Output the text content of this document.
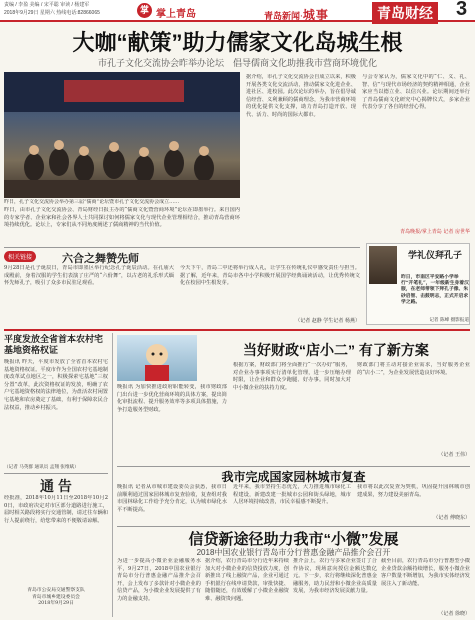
责编 / 李盈 美编 / 宋平聪 审读 / 杨建军
2018年9月29日 星期六 热线电话:82866065	掌 掌上青岛	青岛新闻·城事	青岛财经 3
大咖“献策”助力儒家文化岛城生根
市孔子文化交流协会昨举办论坛　倡导儒商文化助推我市营商环境优化
昨日，孔子文化交流协会举办第三届“儒商”论坛暨市孔子文化交流协会成立……
昨日，由市孔子文化交流协会、青岛财经日报主办的“儒商文化暨营商环境”论坛在即墨举行。来自国内的专家学者、企业家和社会各界人士共同探讨如何将儒家文化与现代企业管理相结合，推动青岛营商环境持续优化。论坛上，专家们从不同角度阐述了儒商精神的当代价值。
据介绍，市孔子文化交流协会自成立以来，积极开展各类文化交流活动，推动儒家文化进企业、进社区、进校园。此次论坛的举办，旨在倡导诚信经营、义利兼顾的儒商理念，为我市营商环境的优化提供文化支撑，助力青岛打造开放、现代、活力、时尚的国际大都市。
与会专家认为，儒家文化中的“仁、义、礼、智、信”与现代市场经济的契约精神相通，企业家应当以德立业、以信兴业。论坛期间还举行了青岛儒商文化研究中心揭牌仪式，多家企业代表分享了各自的经营心得。
青岛晚报/掌上青岛 记者 房世华
相关链接	六合之舞赞先师
9月28日是孔子诞辰日，青岛市即墨区举行纪念孔子诞辰活动。在孔庙大成殿前，身着汉服的学生们表演了庄严的“六佾舞”，以古老的礼乐形式缅怀先师孔子，吸引了众多市民驻足观看。
今天下午，青岛二中还将举行成人礼，让学生在传统礼仪中感受责任与担当。据了解，近年来，青岛市各中小学积极开展国学经典诵读活动，让优秀传统文化在校园中生根发芽。
（记者 赵静 学生记者 杨燕）
学礼仪拜孔子
昨日，市南区平安路小学举行“开笔礼”，一年级新生身着汉服，在老师带领下拜孔子像、朱砂启智、击鼓明志，正式开启求学之路。
记者 陈峰 摄影报道
平度发放全省首本农村宅基地资格权证
晚报讯 昨天，平度市发放了全省首本农村宅基地资格权证。平度市作为全国农村宅基地制度改革试点地区之一，积极探索宅基地“三权分置”改革，此次资格权证的发放，明确了农户宅基地资格权的法律地位，为盘活农村闲置宅基地和农房奠定了基础，有利于保障农民合法权益，推动乡村振兴。
（记者 马英群 通讯员 孟翔 张维斌）
通 告
经批准，2018年10月11日至2018年10月20日，市政府决定对市区部分道路进行施工，届时相关路段将实行交通管制，请过往车辆和行人提前绕行，给您带来的不便敬请谅解。
青岛市公安局交通警察支队
青岛市城乡建设委员会
2018年9月29日
当好财政“店小二” 有了新方案
晚报讯 为加快推进政府职能转变，我市财政部门出台进一步优化营商环境的具体方案，提出简化审批流程、提升服务效率等多项具体措施，力争打造服务型财政。
根据方案，财政部门将全面推行“一次办好”服务，对企业办事事项实行清单化管理，进一步压缩办理时限，让企业和群众少跑腿、好办事。同时加大对中小微企业的扶持力度。
财政部门将主动对接企业需求，当好服务企业的“店小二”，为企业发展营造良好环境。
（记者 王伟）
我市完成国家园林城市复查
晚报讯 记者从市城市建设委员会获悉，我市日前顺利通过国家园林城市复查验收，复查组对我市园林绿化工作给予充分肯定，认为城市绿化水平不断提高。
近年来，我市坚持生态优先，大力推进城市绿化工程建设，新建改建一批城市公园和街头绿地，城市人居环境持续改善，市民幸福感不断提升。
我市将以此次复查为契机，巩固提升园林城市创建成果，努力建设美丽青岛。
（记者 傅晓东）
信贷新途径助力我市“小微”发展
2018中国农业银行青岛市分行普惠金融产品推介会召开
为进一步提高小微企业金融服务水平，9月27日，2018中国农业银行青岛市分行普惠金融产品推介会召开，会上发布了多款针对小微企业的信贷产品，为小微企业发展提供了有力的金融支持。
据介绍，农行青岛市分行近年来持续加大对小微企业的信贷投放力度，创新推出了线上融资产品，企业可通过手机银行在线申请贷款，审批快捷、随借随还，有效缓解了小微企业融资难、融资贵问题。
推介会上，农行与多家企业签订了合作协议，现场意向授信金额达数亿元。下一步，农行将继续深化普惠金融服务，助力民营和小微企业高质量发展，为我市经济发展贡献力量。
截至目前，农行青岛市分行普惠型小微企业贷款余额持续增长，服务小微企业客户数量不断增加，为我市实体经济发展注入了新动能。
（记者 徐晓）
